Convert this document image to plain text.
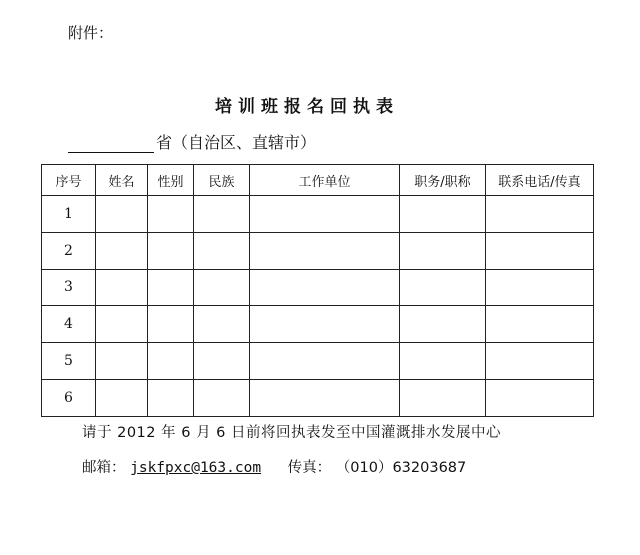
附件：
培训班报名回执表
省（自治区、直辖市）
序号	姓名	性别	民族	工作单位	职务/职称	联系电话/传真
1						
2						
3						
4						
5						
6						
请于 2012 年 6 月 6 日前将回执表发至中国灌溉排水发展中心
邮箱： jskfpxc@163.com 传真： （010）63203687
